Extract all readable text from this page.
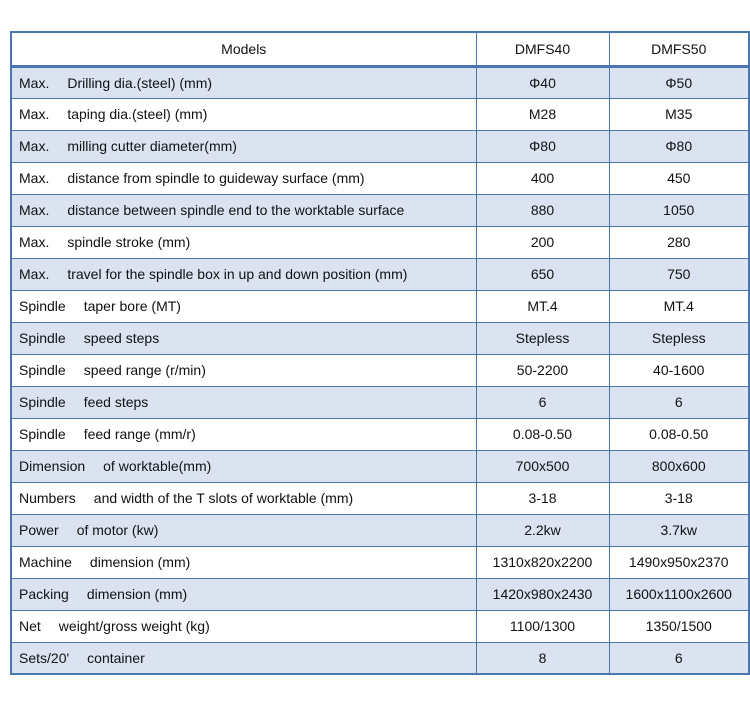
Models	DMFS40	DMFS50
Max. Drilling dia.(steel) (mm)	Φ40	Φ50
Max. taping dia.(steel) (mm)	M28	M35
Max. milling cutter diameter(mm)	Φ80	Φ80
Max. distance from spindle to guideway surface (mm)	400	450
Max. distance between spindle end to the worktable surface	880	1050
Max. spindle stroke (mm)	200	280
Max. travel for the spindle box in up and down position (mm)	650	750
Spindle taper bore (MT)	MT.4	MT.4
Spindle speed steps	Stepless	Stepless
Spindle speed range (r/min)	50-2200	40-1600
Spindle feed steps	6	6
Spindle feed range (mm/r)	0.08-0.50	0.08-0.50
Dimension of worktable(mm)	700x500	800x600
Numbers and width of the T slots of worktable (mm)	3-18	3-18
Power of motor (kw)	2.2kw	3.7kw
Machine dimension (mm)	1310x820x2200	1490x950x2370
Packing dimension (mm)	1420x980x2430	1600x1100x2600
Net weight/gross weight (kg)	1100/1300	1350/1500
Sets/20' container	8	6
